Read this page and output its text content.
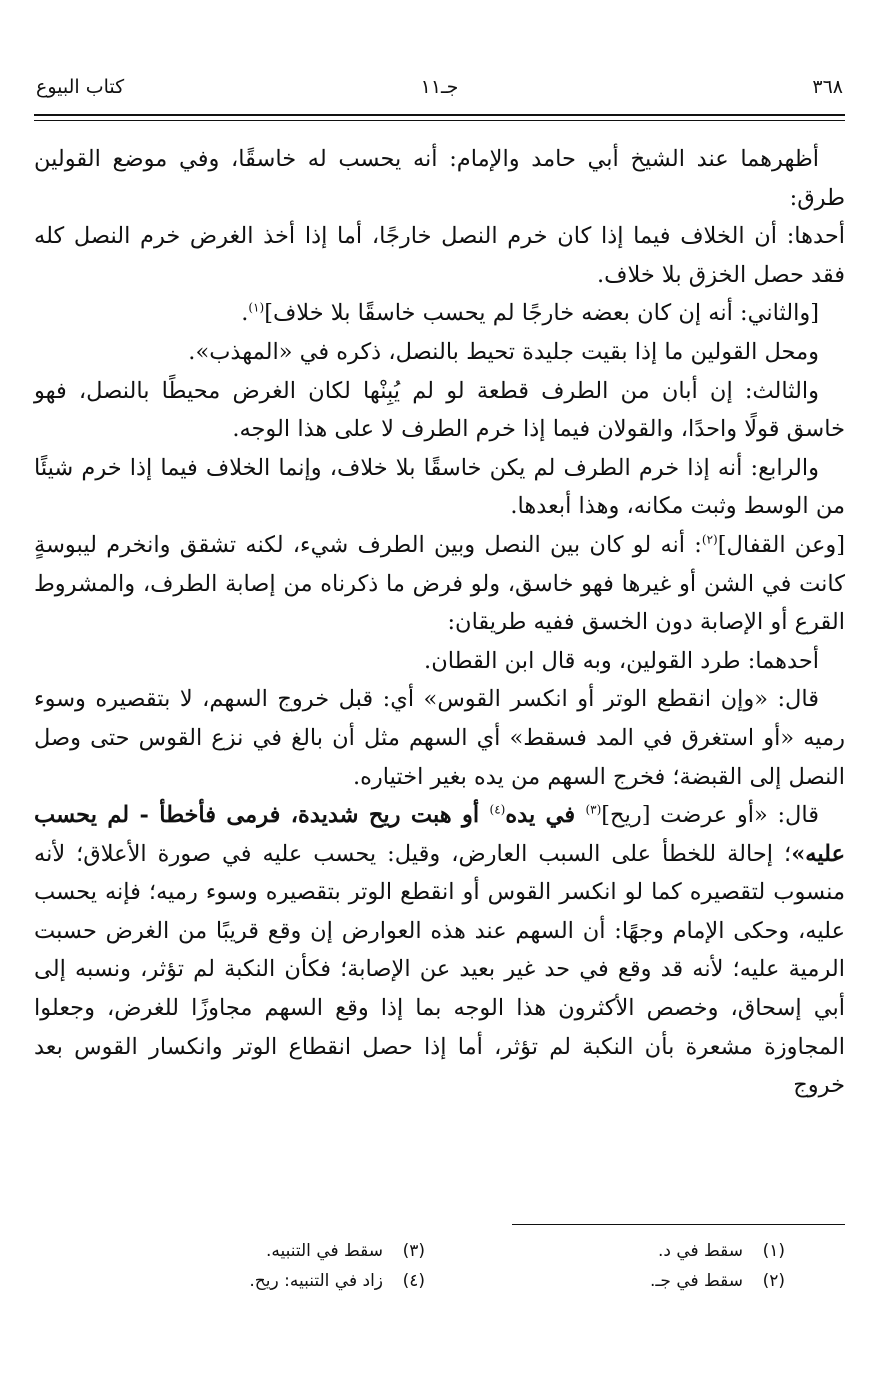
٣٦٨
جـ١١
كتاب البيوع

أظهرهما عند الشيخ أبي حامد والإمام: أنه يحسب له خاسقًا، وفي موضع القولين طرق:

أحدها: أن الخلاف فيما إذا كان خرم النصل خارجًا، أما إذا أخذ الغرض خرم النصل كله فقد حصل الخزق بلا خلاف.

[والثاني: أنه إن كان بعضه خارجًا لم يحسب خاسقًا بلا خلاف]$^{(١)}$.

ومحل القولين ما إذا بقيت جليدة تحيط بالنصل، ذكره في «المهذب».

والثالث: إن أبان من الطرف قطعة لو لم يُبِنْها لكان الغرض محيطًا بالنصل، فهو خاسق قولًا واحدًا، والقولان فيما إذا خرم الطرف لا على هذا الوجه.

والرابع: أنه إذا خرم الطرف لم يكن خاسقًا بلا خلاف، وإنما الخلاف فيما إذا خرم شيئًا من الوسط وثبت مكانه، وهذا أبعدها.

[وعن القفال]$^{(٢)}$: أنه لو كان بين النصل وبين الطرف شيء، لكنه تشقق وانخرم ليبوسةٍ كانت في الشن أو غيرها فهو خاسق، ولو فرض ما ذكرناه من إصابة الطرف، والمشروط القرع أو الإصابة دون الخسق ففيه طريقان:

أحدهما: طرد القولين، وبه قال ابن القطان.

قال: «وإن انقطع الوتر أو انكسر القوس» أي: قبل خروج السهم، لا بتقصيره وسوء رميه «أو استغرق في المد فسقط» أي السهم مثل أن بالغ في نزع القوس حتى وصل النصل إلى القبضة؛ فخرج السهم من يده بغير اختياره.

قال: «أو عرضت [ريح]$^{(٣)}$ في يده$^{(٤)}$ أو هبت ريح شديدة، فرمى فأخطأ - لم يحسب عليه»؛ إحالة للخطأ على السبب العارض، وقيل: يحسب عليه في صورة الأعلاق؛ لأنه منسوب لتقصيره كما لو انكسر القوس أو انقطع الوتر بتقصيره وسوء رميه؛ فإنه يحسب عليه، وحكى الإمام وجهًا: أن السهم عند هذه العوارض إن وقع قريبًا من الغرض حسبت الرمية عليه؛ لأنه قد وقع في حد غير بعيد عن الإصابة؛ فكأن النكبة لم تؤثر، ونسبه إلى أبي إسحاق، وخصص الأكثرون هذا الوجه بما إذا وقع السهم مجاوزًا للغرض، وجعلوا المجاوزة مشعرة بأن النكبة لم تؤثر، أما إذا حصل انقطاع الوتر وانكسار القوس بعد خروج

(١)سقط في د.
(٢)سقط في جـ.
(٣)سقط في التنبيه.
(٤)زاد في التنبيه: ريح.
